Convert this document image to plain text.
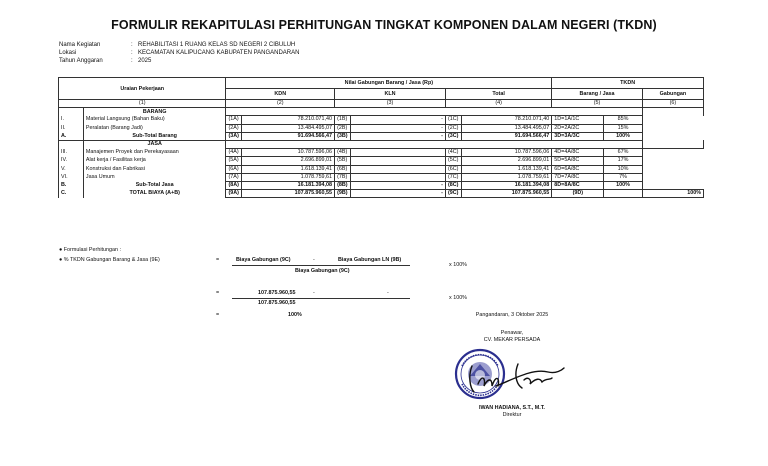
FORMULIR REKAPITULASI PERHITUNGAN TINGKAT KOMPONEN DALAM NEGERI (TKDN)
Nama Kegiatan	: REHABILITASI 1 RUANG KELAS SD NEGERI 2 CIBULUH
Lokasi	: KECAMATAN KALIPUCANG KABUPATEN PANGANDARAN
Tahun Anggaran	: 2025
Uraian Pekerjaan		Nilai Gabungan Barang / Jasa (Rp)						TKDN		
		KDN		KLN		Total		Barang / Jasa		Gabungan
(1)		(2)		(3)		(4)		(5)		(6)
	BARANG									
I.	Material Langsung (Bahan Baku)	(1A)	78.210.071,40	(1B)	-	(1C)	78.210.071,40	1D=1A/1C	85%	
II.	Peralatan (Barang Jadi)	(2A)	13.484.495,07	(2B)	-	(2C)	13.484.495,07	2D=2A/2C	15%	
A.	Sub-Total Barang	(3A)	91.694.566,47	(3B)	-	(3C)	91.694.566,47	3D=3A/3C	100%	
	JASA									
III.	Manajemen Proyek dan Perekayasaan	(4A)	10.787.596,06	(4B)		(4C)	10.787.596,06	4D=4A/8C	67%	
IV.	Alat kerja / Fasilitas kerja	(5A)	2.696.899,01	(5B)		(5C)	2.696.899,01	5D=5A/8C	17%	
V.	Konstruksi dan Fabrikasi	(6A)	1.618.139,41	(6B)		(6C)	1.618.139,41	6D=6A/8C	10%	
VI.	Jasa Umum	(7A)	1.078.759,61	(7B)		(7C)	1.078.759,61	7D=7A/8C	7%	
B.	Sub-Total Jasa	(8A)	16.181.394,08	(8B)	-	(8C)	16.181.394,08	8D=8A/8C	100%	
C.	TOTAL BIAYA (A+B)	(9A)	107.875.960,55	(9B)	-	(9C)	107.875.960,55	(9D)		100%
● Formulasi Perhitungan :
● % TKDN Gabungan Barang & Jasa (9E)	=	Biaya Gabungan (9C)	-	Biaya Gabungan LN (9B)
Biaya Gabungan (9C)
x 100%
=	107.875.960,55	-	-
107.875.960,55
x 100%
=	100%	Pangandaran, 3 Oktober 2025
Penawar,
CV. MEKAR PERSADA
IWAN HADIANA, S.T., M.T.
Direktur
